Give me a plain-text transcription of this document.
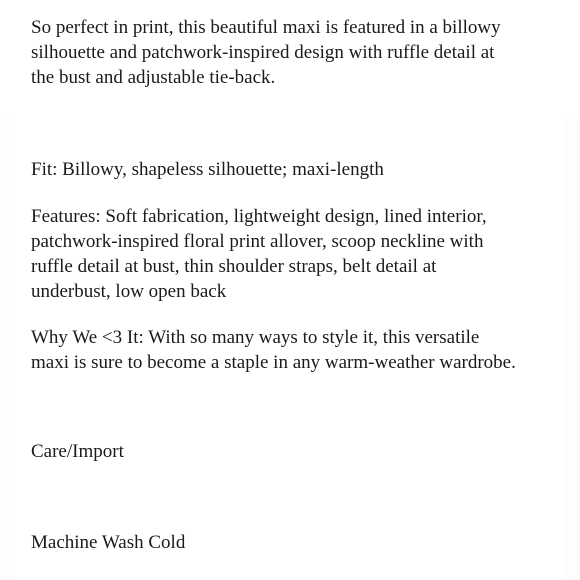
So perfect in print, this beautiful maxi is featured in a billowy
silhouette and patchwork-inspired design with ruffle detail at
the bust and adjustable tie-back.

Fit: Billowy, shapeless silhouette; maxi-length

Features: Soft fabrication, lightweight design, lined interior,
patchwork-inspired floral print allover, scoop neckline with
ruffle detail at bust, thin shoulder straps, belt detail at
underbust, low open back

Why We <3 It: With so many ways to style it, this versatile
maxi is sure to become a staple in any warm-weather wardrobe.

Care/Import

Machine Wash Cold
